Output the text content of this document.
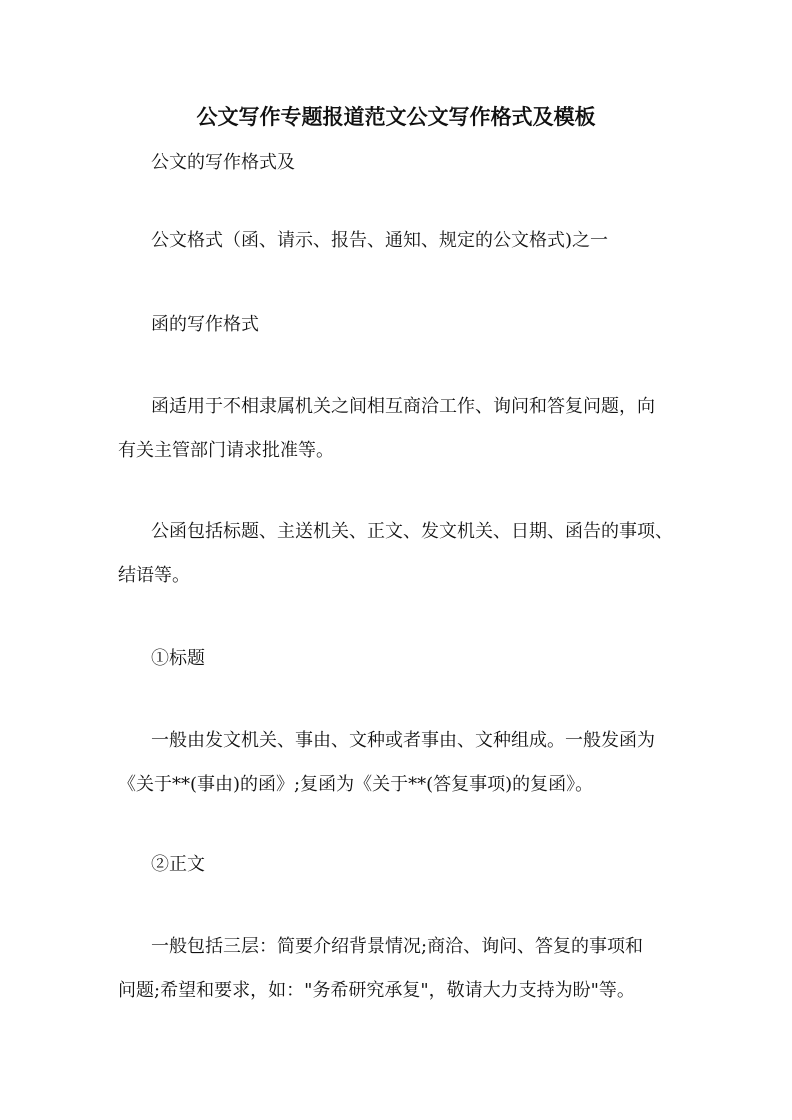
公文写作专题报道范文公文写作格式及模板
公文的写作格式及
公文格式（函、请示、报告、通知、规定的公文格式)之一
函的写作格式
函适用于不相隶属机关之间相互商洽工作、询问和答复问题，向
有关主管部门请求批准等。
公函包括标题、主送机关、正文、发文机关、日期、函告的事项、
结语等。
①标题
一般由发文机关、事由、文种或者事由、文种组成。一般发函为
《关于**(事由)的函》;复函为《关于**(答复事项)的复函》。
②正文
一般包括三层：简要介绍背景情况;商洽、询问、答复的事项和
问题;希望和要求，如："务希研究承复"，敬请大力支持为盼"等。
